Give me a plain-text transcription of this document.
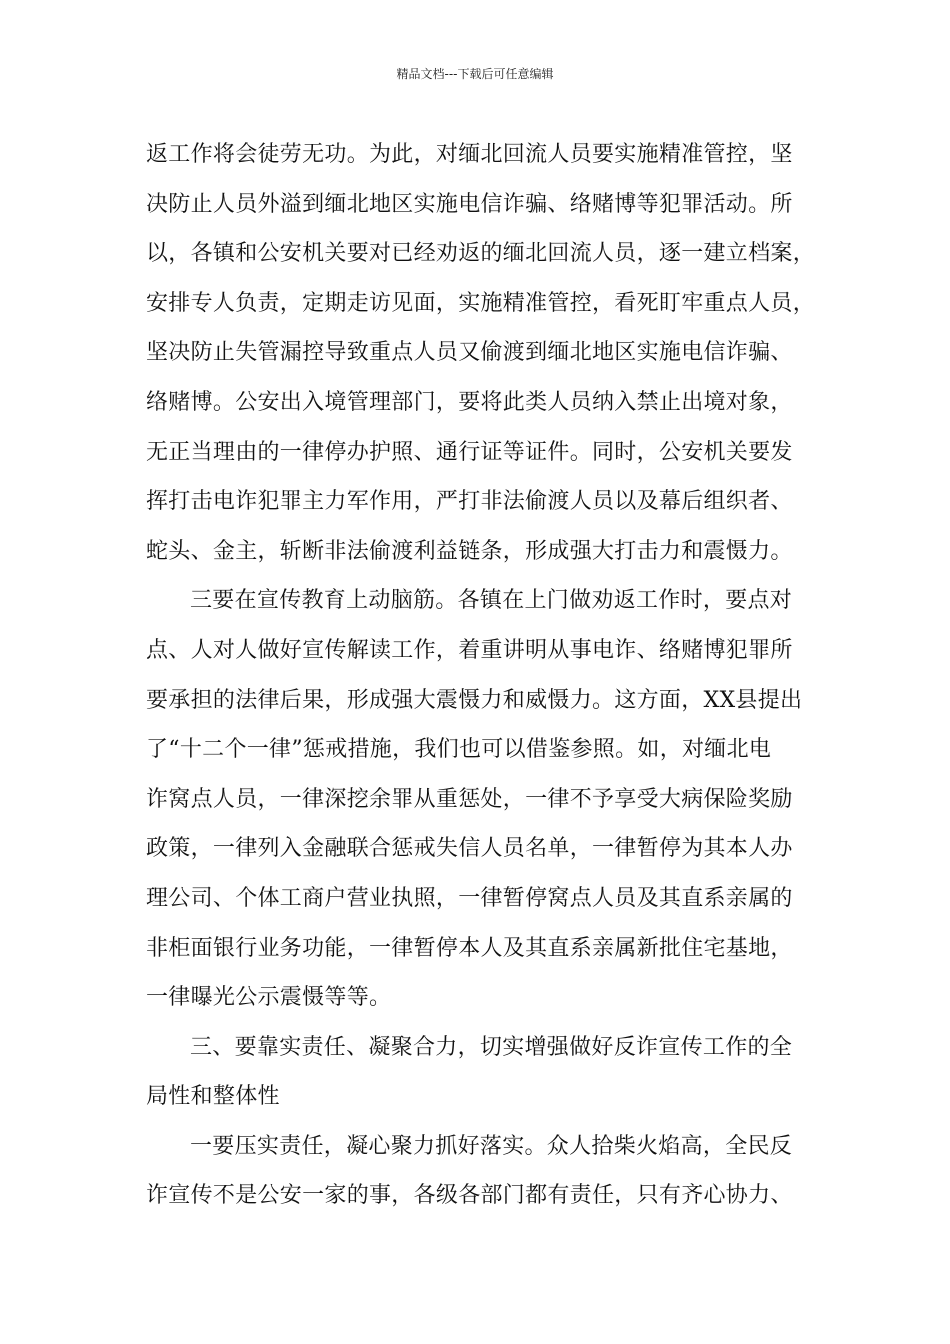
精品文档---下载后可任意编辑
返工作将会徒劳无功。为此，对缅北回流人员要实施精准管控，坚
决防止人员外溢到缅北地区实施电信诈骗、络赌博等犯罪活动。所
以，各镇和公安机关要对已经劝返的缅北回流人员，逐一建立档案，
安排专人负责，定期走访见面，实施精准管控，看死盯牢重点人员，
坚决防止失管漏控导致重点人员又偷渡到缅北地区实施电信诈骗、
络赌博。公安出入境管理部门，要将此类人员纳入禁止出境对象，
无正当理由的一律停办护照、通行证等证件。同时，公安机关要发
挥打击电诈犯罪主力军作用，严打非法偷渡人员以及幕后组织者、
蛇头、金主，斩断非法偷渡利益链条，形成强大打击力和震慑力。
三要在宣传教育上动脑筋。各镇在上门做劝返工作时，要点对
点、人对人做好宣传解读工作，着重讲明从事电诈、络赌博犯罪所
要承担的法律后果，形成强大震慑力和威慑力。这方面，XX县提出
了“十二个一律”惩戒措施，我们也可以借鉴参照。如，对缅北电
诈窝点人员，一律深挖余罪从重惩处，一律不予享受大病保险奖励
政策，一律列入金融联合惩戒失信人员名单，一律暂停为其本人办
理公司、个体工商户营业执照，一律暂停窝点人员及其直系亲属的
非柜面银行业务功能，一律暂停本人及其直系亲属新批住宅基地，
一律曝光公示震慑等等。
三、要靠实责任、凝聚合力，切实增强做好反诈宣传工作的全
局性和整体性
一要压实责任，凝心聚力抓好落实。众人拾柴火焰高，全民反
诈宣传不是公安一家的事，各级各部门都有责任，只有齐心协力、
